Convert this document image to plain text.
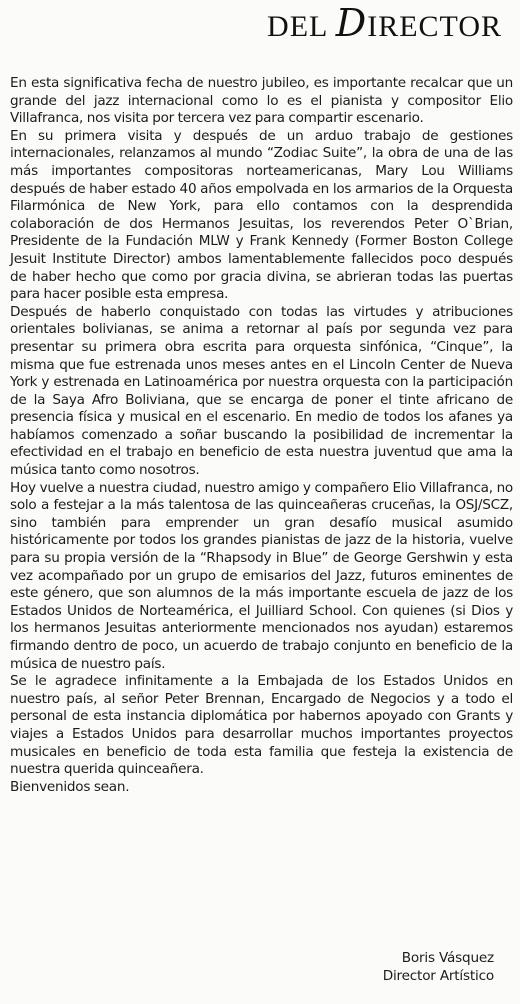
DEL DIRECTOR

En esta significativa fecha de nuestro jubileo, es importante recalcar que un grande del jazz internacional como lo es el pianista y compositor Elio Villafranca, nos visita por tercera vez para compartir escenario.

En su primera visita y después de un arduo trabajo de gestiones internacionales, relanzamos al mundo “Zodiac Suite”, la obra de una de las más importantes compositoras norteamericanas, Mary Lou Williams después de haber estado 40 años empolvada en los armarios de la Orquesta Filarmónica de New York, para ello contamos con la desprendida colaboración de dos Hermanos Jesuitas, los reverendos Peter O`Brian, Presidente de la Fundación MLW y Frank Kennedy (Former Boston College Jesuit Institute Director) ambos lamentablemente fallecidos poco después de haber hecho que como por gracia divina, se abrieran todas las puertas para hacer posible esta empresa.

Después de haberlo conquistado con todas las virtudes y atribuciones orientales bolivianas, se anima a retornar al país por segunda vez para presentar su primera obra escrita para orquesta sinfónica, “Cinque”, la misma que fue estrenada unos meses antes en el Lincoln Center de Nueva York y estrenada en Latinoamérica por nuestra orquesta con la participación de la Saya Afro Boliviana, que se encarga de poner el tinte africano de presencia física y musical en el escenario. En medio de todos los afanes ya habíamos comenzado a soñar buscando la posibilidad de incrementar la efectividad en el trabajo en beneficio de esta nuestra juventud que ama la música tanto como nosotros.

Hoy vuelve a nuestra ciudad, nuestro amigo y compañero Elio Villafranca, no solo a festejar a la más talentosa de las quinceañeras cruceñas, la OSJ/SCZ, sino también para emprender un gran desafío musical asumido históricamente por todos los grandes pianistas de jazz de la historia, vuelve para su propia versión de la “Rhapsody in Blue” de George Gershwin y esta vez acompañado por un grupo de emisarios del Jazz, futuros eminentes de este género, que son alumnos de la más importante escuela de jazz de los Estados Unidos de Norteamérica, el Juilliard School. Con quienes (si Dios y los hermanos Jesuitas anteriormente mencionados nos ayudan) estaremos firmando dentro de poco, un acuerdo de trabajo conjunto en beneficio de la música de nuestro país.

Se le agradece infinitamente a la Embajada de los Estados Unidos en nuestro país, al señor Peter Brennan, Encargado de Negocios y a todo el personal de esta instancia diplomática por habernos apoyado con Grants y viajes a Estados Unidos para desarrollar muchos importantes proyectos musicales en beneficio de toda esta familia que festeja la existencia de nuestra querida quinceañera.

Bienvenidos sean.

Boris Vásquez
Director Artístico
